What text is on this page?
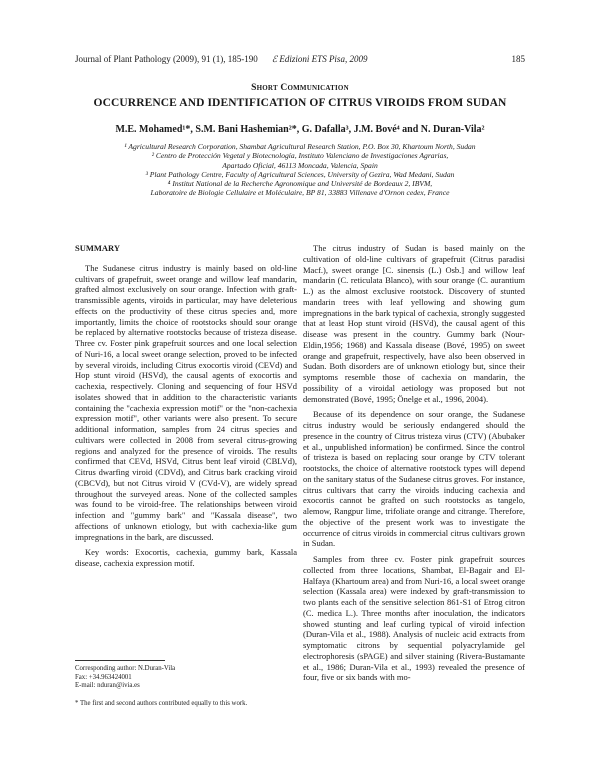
Journal of Plant Pathology (2009), 91 (1), 185-190 ℰ Edizioni ETS Pisa, 2009	185
Short Communication
OCCURRENCE AND IDENTIFICATION OF CITRUS VIROIDS FROM SUDAN
M.E. Mohamed¹*, S.M. Bani Hashemian²*, G. Dafalla³, J.M. Bové⁴ and N. Duran-Vila²
¹ Agricultural Research Corporation, Shambat Agricultural Research Station, P.O. Box 30, Khartoum North, Sudan
² Centro de Protección Vegetal y Biotecnología, Instituto Valenciano de Investigaciones Agrarias,
Apartado Oficial, 46113 Moncada, Valencia, Spain
³ Plant Pathology Centre, Faculty of Agricultural Sciences, University of Gezira, Wad Medani, Sudan
⁴ Institut National de la Recherche Agronomique and Université de Bordeaux 2, IBVM,
Laboratoire de Biologie Cellulaire et Moléculaire, BP 81, 33883 Villenave d'Ornon cedex, France
SUMMARY

The Sudanese citrus industry is mainly based on old-line cultivars of grapefruit, sweet orange and willow leaf mandarin, grafted almost exclusively on sour orange. Infection with graft-transmissible agents, viroids in particular, may have deleterious effects on the productivity of these citrus species and, more importantly, limits the choice of rootstocks should sour orange be replaced by alternative rootstocks because of tristeza disease. Three cv. Foster pink grapefruit sources and one local selection of Nuri-16, a local sweet orange selection, proved to be infected by several viroids, including Citrus exocortis viroid (CEVd) and Hop stunt viroid (HSVd), the causal agents of exocortis and cachexia, respectively. Cloning and sequencing of four HSVd isolates showed that in addition to the characteristic variants containing the "cachexia expression motif" or the "non-cachexia expression motif", other variants were also present. To secure additional information, samples from 24 citrus species and cultivars were collected in 2008 from several citrus-growing regions and analyzed for the presence of viroids. The results confirmed that CEVd, HSVd, Citrus bent leaf viroid (CBLVd), Citrus dwarfing viroid (CDVd), and Citrus bark cracking viroid (CBCVd), but not Citrus viroid V (CVd-V), are widely spread throughout the surveyed areas. None of the collected samples was found to be viroid-free. The relationships between viroid infection and "gummy bark" and "Kassala disease", two affections of unknown etiology, but with cachexia-like gum impregnations in the bark, are discussed.

Key words: Exocortis, cachexia, gummy bark, Kassala disease, cachexia expression motif.

Corresponding author: N.Duran-Vila
Fax: +34.963424001
E-mail: nduran@ivia.es
* The first and second authors contributed equally to this work.

The citrus industry of Sudan is based mainly on the cultivation of old-line cultivars of grapefruit (Citrus paradisi Macf.), sweet orange [C. sinensis (L.) Osb.] and willow leaf mandarin (C. reticulata Blanco), with sour orange (C. aurantium L.) as the almost exclusive rootstock. Discovery of stunted mandarin trees with leaf yellowing and showing gum impregnations in the bark typical of cachexia, strongly suggested that at least Hop stunt viroid (HSVd), the causal agent of this disease was present in the country. Gummy bark (Nour-Eldin,1956; 1968) and Kassala disease (Bové, 1995) on sweet orange and grapefruit, respectively, have also been observed in Sudan. Both disorders are of unknown etiology but, since their symptoms resemble those of cachexia on mandarin, the possibility of a viroidal aetiology was proposed but not demonstrated (Bové, 1995; Önelge et al., 1996, 2004).

Because of its dependence on sour orange, the Sudanese citrus industry would be seriously endangered should the presence in the country of Citrus tristeza virus (CTV) (Abubaker et al., unpublished information) be confirmed. Since the control of tristeza is based on replacing sour orange by CTV tolerant rootstocks, the choice of alternative rootstock types will depend on the sanitary status of the Sudanese citrus groves. For instance, citrus cultivars that carry the viroids inducing cachexia and exocortis cannot be grafted on such rootstocks as tangelo, alemow, Rangpur lime, trifoliate orange and citrange. Therefore, the objective of the present work was to investigate the occurrence of citrus viroids in commercial citrus cultivars grown in Sudan.

Samples from three cv. Foster pink grapefruit sources collected from three locations, Shambat, El-Bagair and El-Halfaya (Khartoum area) and from Nuri-16, a local sweet orange selection (Kassala area) were indexed by graft-transmission to two plants each of the sensitive selection 861-S1 of Etrog citron (C. medica L.). Three months after inoculation, the indicators showed stunting and leaf curling typical of viroid infection (Duran-Vila et al., 1988). Analysis of nucleic acid extracts from symptomatic citrons by sequential polyacrylamide gel electrophoresis (sPAGE) and silver staining (Rivera-Bustamante et al., 1986; Duran-Vila et al., 1993) revealed the presence of four, five or six bands with mo-
